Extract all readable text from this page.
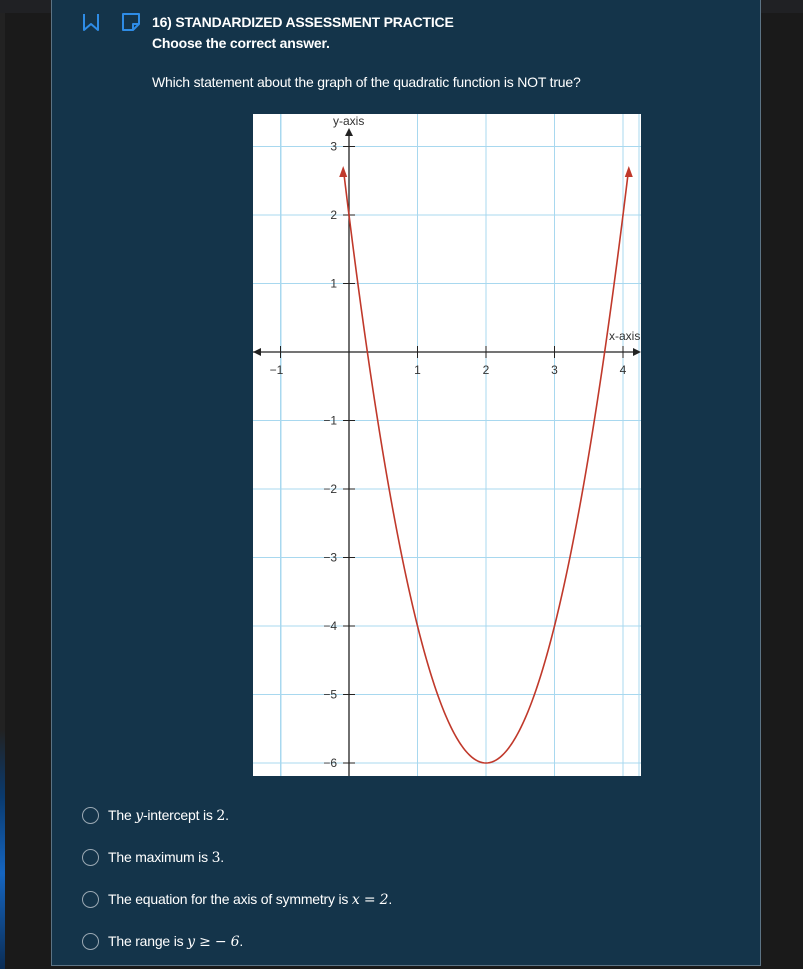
16) STANDARDIZED ASSESSMENT PRACTICE
Choose the correct answer.
Which statement about the graph of the quadratic function is NOT true?
−1	1	2	3	4
3
2
1
−1
−2
−3
−4
−5
−6
y-axis
x-axis
The y-intercept is 2.
The maximum is 3.
The equation for the axis of symmetry is x = 2.
The range is y ≥ − 6.
